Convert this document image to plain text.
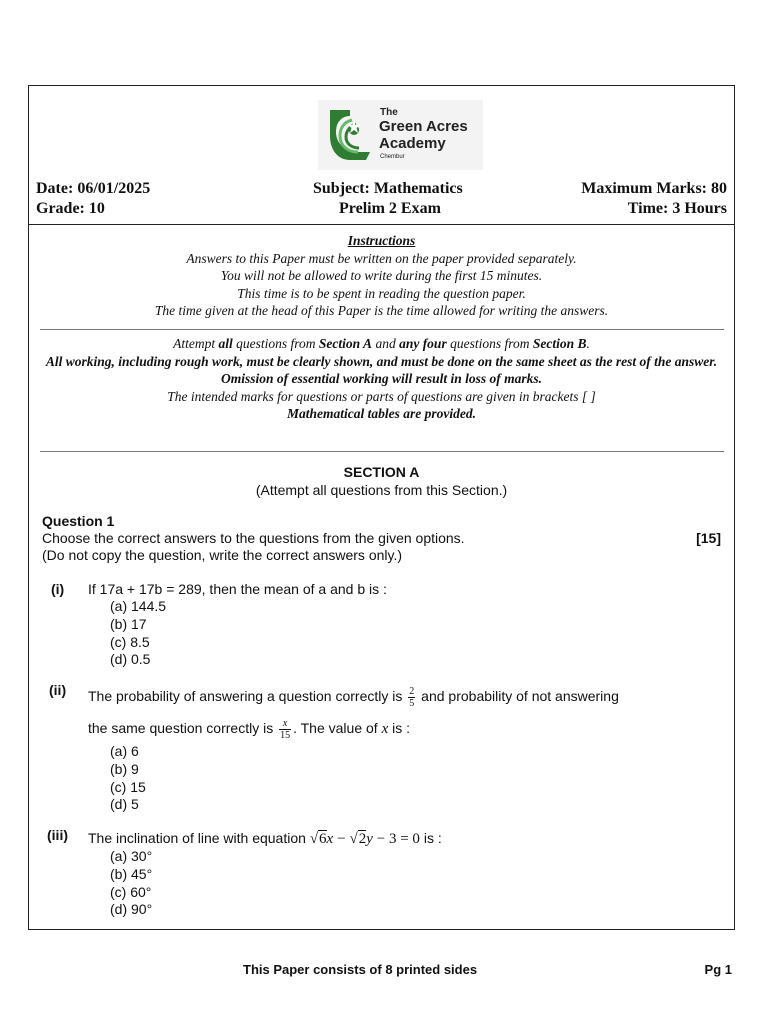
The
Green Acres
Academy
Chembur
Date: 06/01/2025
Grade: 10
Subject: Mathematics
Prelim 2 Exam
Maximum Marks: 80
Time: 3 Hours
Instructions
Answers to this Paper must be written on the paper provided separately.
You will not be allowed to write during the first 15 minutes.
This time is to be spent in reading the question paper.
The time given at the head of this Paper is the time allowed for writing the answers.
Attempt all questions from Section A and any four questions from Section B.
All working, including rough work, must be clearly shown, and must be done on the same sheet as the rest of the answer.
Omission of essential working will result in loss of marks.
The intended marks for questions or parts of questions are given in brackets [ ]
Mathematical tables are provided.
SECTION A
(Attempt all questions from this Section.)
Question 1
Choose the correct answers to the questions from the given options.	[15]
(Do not copy the question, write the correct answers only.)
(i) If 17a + 17b = 289, then the mean of a and b is :
(a) 144.5
(b) 17
(c) 8.5
(d) 0.5
(ii) The probability of answering a question correctly is $\frac{2}{5}$ and probability of not answering
the same question correctly is $\frac{x}{15}$ . The value of x is :
(a) 6
(b) 9
(c) 15
(d) 5
(iii) The inclination of line with equation √6x − √2y − 3 = 0 is :
(a) 30°
(b) 45°
(c) 60°
(d) 90°
This Paper consists of 8 printed sides	Pg 1
